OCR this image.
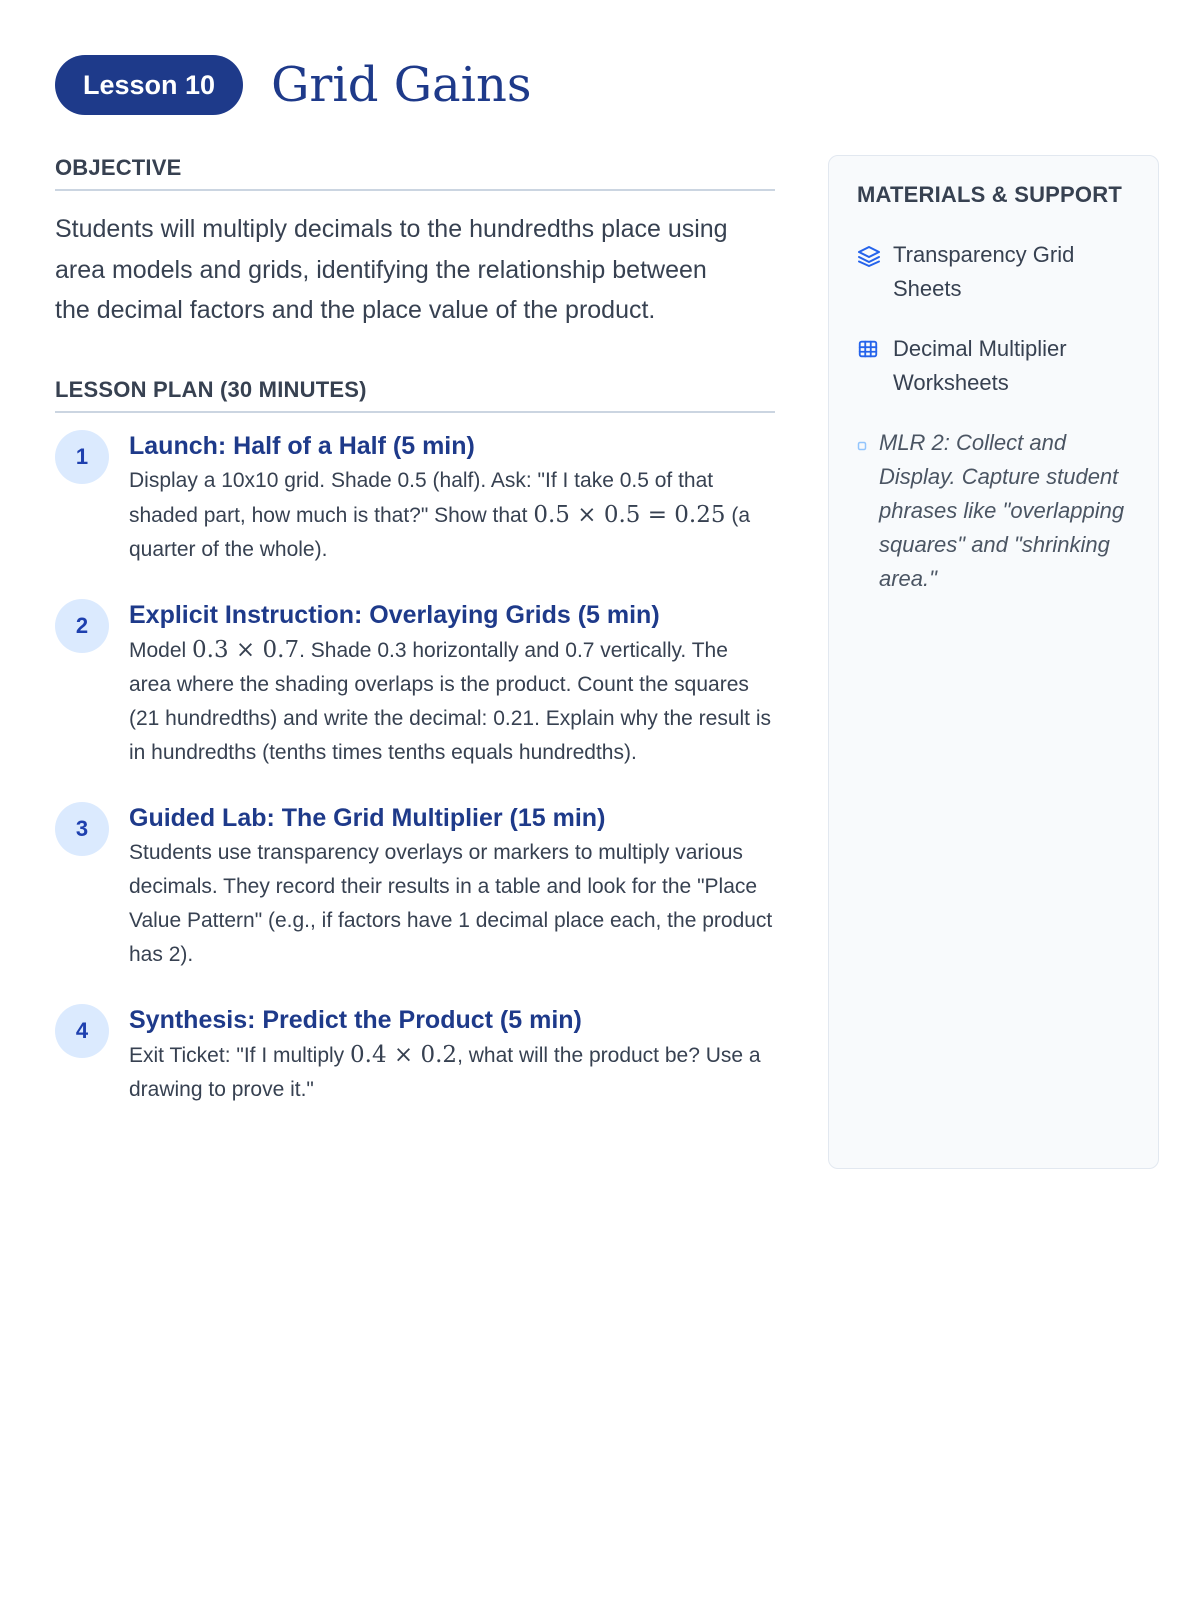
Lesson 10	Grid Gains
OBJECTIVE

Students will multiply decimals to the hundredths place using area models and grids, identifying the relationship between the decimal factors and the place value of the product.

LESSON PLAN (30 MINUTES)
1	Launch: Half of a Half (5 min)
Display a 10x10 grid. Shade 0.5 (half). Ask: "If I take 0.5 of that shaded part, how much is that?" Show that 0.5 × 0.5 = 0.25 (a quarter of the whole).
2	Explicit Instruction: Overlaying Grids (5 min)
Model 0.3 × 0.7. Shade 0.3 horizontally and 0.7 vertically. The area where the shading overlaps is the product. Count the squares (21 hundredths) and write the decimal: 0.21. Explain why the result is in hundredths (tenths times tenths equals hundredths).
3	Guided Lab: The Grid Multiplier (15 min)
Students use transparency overlays or markers to multiply various decimals. They record their results in a table and look for the "Place Value Pattern" (e.g., if factors have 1 decimal place each, the product has 2).
4	Synthesis: Predict the Product (5 min)
Exit Ticket: "If I multiply 0.4 × 0.2, what will the product be? Use a drawing to prove it."
MATERIALS & SUPPORT
Transparency Grid Sheets
Decimal Multiplier Worksheets
MLR 2: Collect and Display. Capture student phrases like "overlapping squares" and "shrinking area."
